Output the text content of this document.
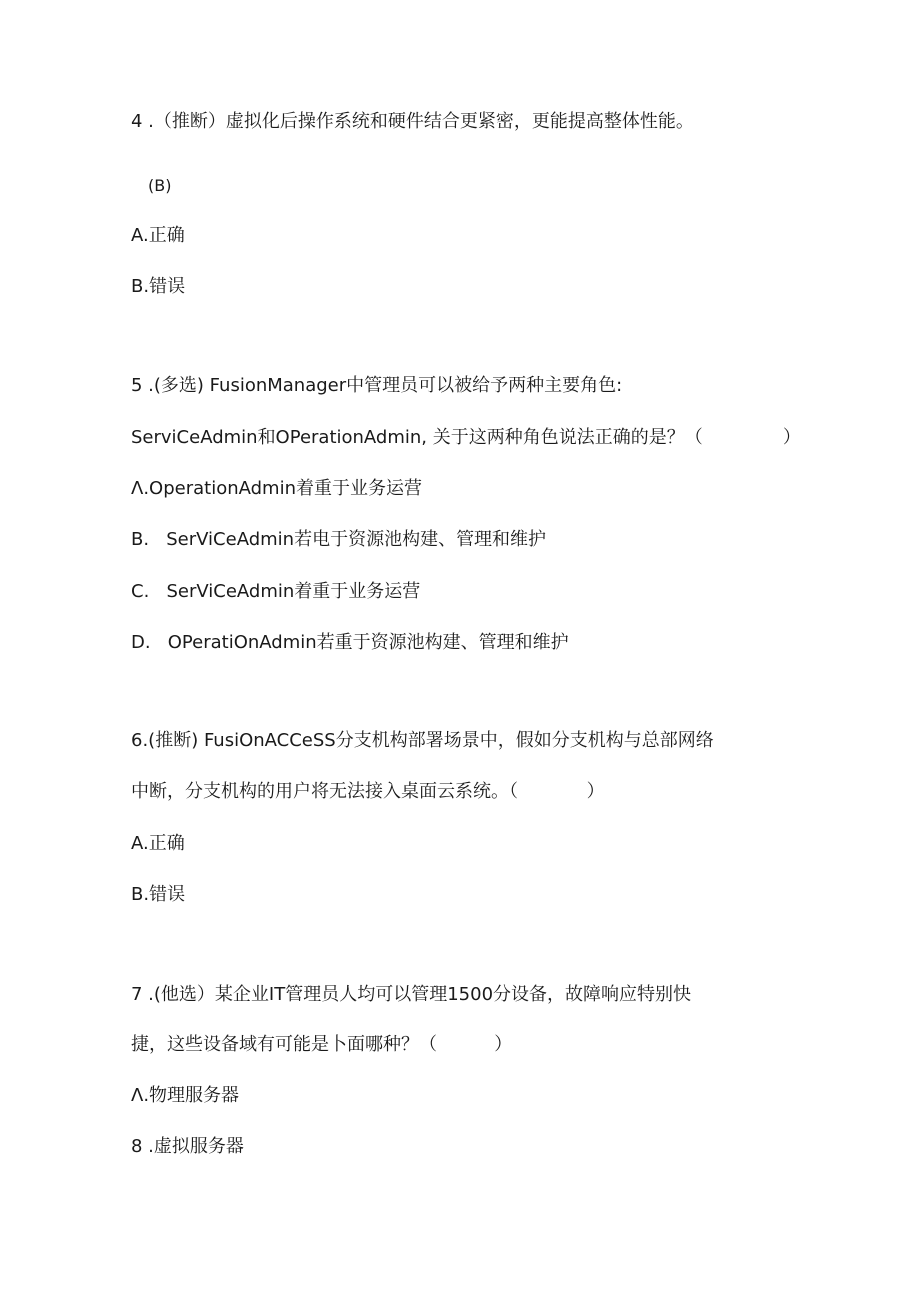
4 .（推断）虚拟化后操作系统和硬件结合更紧密，更能提高整体性能。
(B)
A.正确
B.错误
5 .(多选) FusionManager中管理员可以被给予两种主要角色:
ServiCeAdmin和OPerationAdmin, 关于这两种角色说法正确的是？（              ）
Λ.OperationAdmin着重于业务运营
B.   SerViCeAdmin若电于资源池构建、管理和维护
C.   SerViCeAdmin着重于业务运营
D.   OPeratiOnAdmin若重于资源池构建、管理和维护
6.(推断) FusiOnACCeSS分支机构部署场景中，假如分支机构与总部网络
中断，分支机构的用户将无法接入桌面云系统。（            ）
A.正确
B.错误
7 .(他选）某企业IT管理员人均可以管理1500分设备，故障响应特别快
捷，这些设备域有可能是卜面哪种？（          ）
Λ.物理服务器
8 .虚拟服务器
